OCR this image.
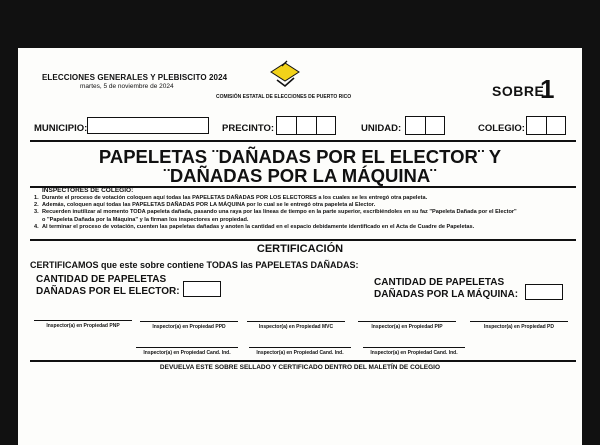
ELECCIONES GENERALES Y PLEBISCITO 2024
martes, 5 de noviembre de 2024
COMISIÓN ESTATAL DE ELECCIONES DE PUERTO RICO	SOBRE
1
MUNICIPIO:	PRECINTO:	UNIDAD:	COLEGIO:
PAPELETAS ¨DAÑADAS POR EL ELECTOR¨ Y
¨DAÑADAS POR LA MÁQUINA¨
INSPECTORES DE COLEGIO:
1. Durante el proceso de votación coloquen aquí todas las PAPELETAS DAÑADAS POR LOS ELECTORES a los cuales se les entregó otra papeleta.
2. Además, coloquen aquí todas las PAPELETAS DAÑADAS POR LA MÁQUINA por lo cual se le entregó otra papeleta al Elector.
3. Recuerden inutilizar al momento TODA papeleta dañada, pasando una raya por las líneas de tiempo en la parte superior, escribiéndoles en su faz "Papeleta Dañada por el Elector"
o "Papeleta Dañada por la Máquina" y la firman los inspectores en propiedad.
4. Al terminar el proceso de votación, cuenten las papeletas dañadas y anoten la cantidad en el espacio debidamente identificado en el Acta de Cuadre de Papeletas.
CERTIFICACIÓN
CERTIFICAMOS que este sobre contiene TODAS las PAPELETAS DAÑADAS:
CANTIDAD DE PAPELETAS
DAÑADAS POR EL ELECTOR:
CANTIDAD DE PAPELETAS
DAÑADAS POR LA MÁQUINA:
Inspector(a) en Propiedad PNP	Inspector(a) en Propiedad PPD	Inspector(a) en Propiedad MVC	Inspector(a) en Propiedad PIP	Inspector(a) en Propiedad PD
Inspector(a) en Propiedad Cand. Ind.	Inspector(a) en Propiedad Cand. Ind.	Inspector(a) en Propiedad Cand. Ind.
DEVUELVA ESTE SOBRE SELLADO Y CERTIFICADO DENTRO DEL MALETÍN DE COLEGIO
